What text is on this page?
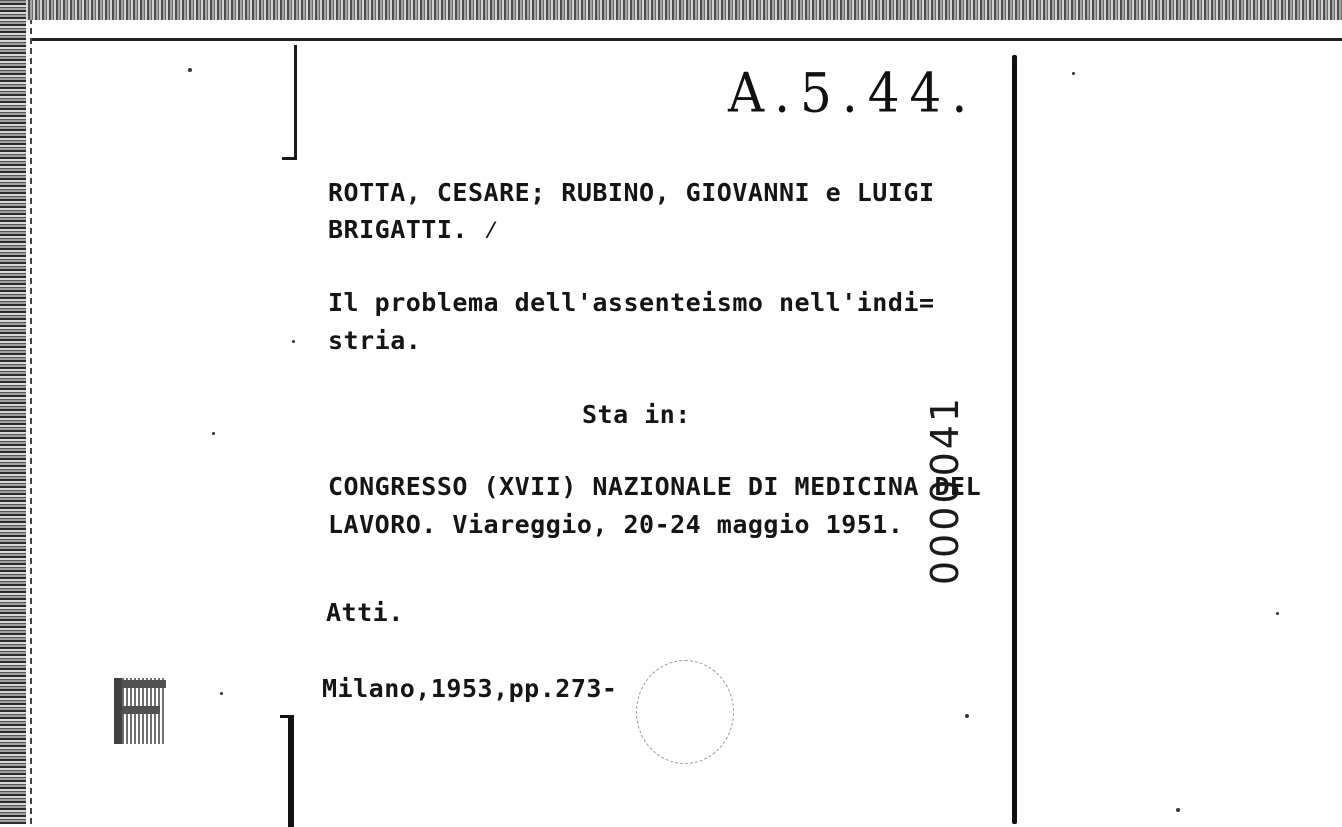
A.5.44.
ROTTA, CESARE; RUBINO, GIOVANNI e LUIGI
BRIGATTI. ⁄
Il problema dell'assenteismo nell'indi=
stria.
Sta in:
CONGRESSO (XVII) NAZIONALE DI MEDICINA DEL
LAVORO. Viareggio, 20-24 maggio 1951.
Atti.
Milano,1953,pp.273-
0000041
